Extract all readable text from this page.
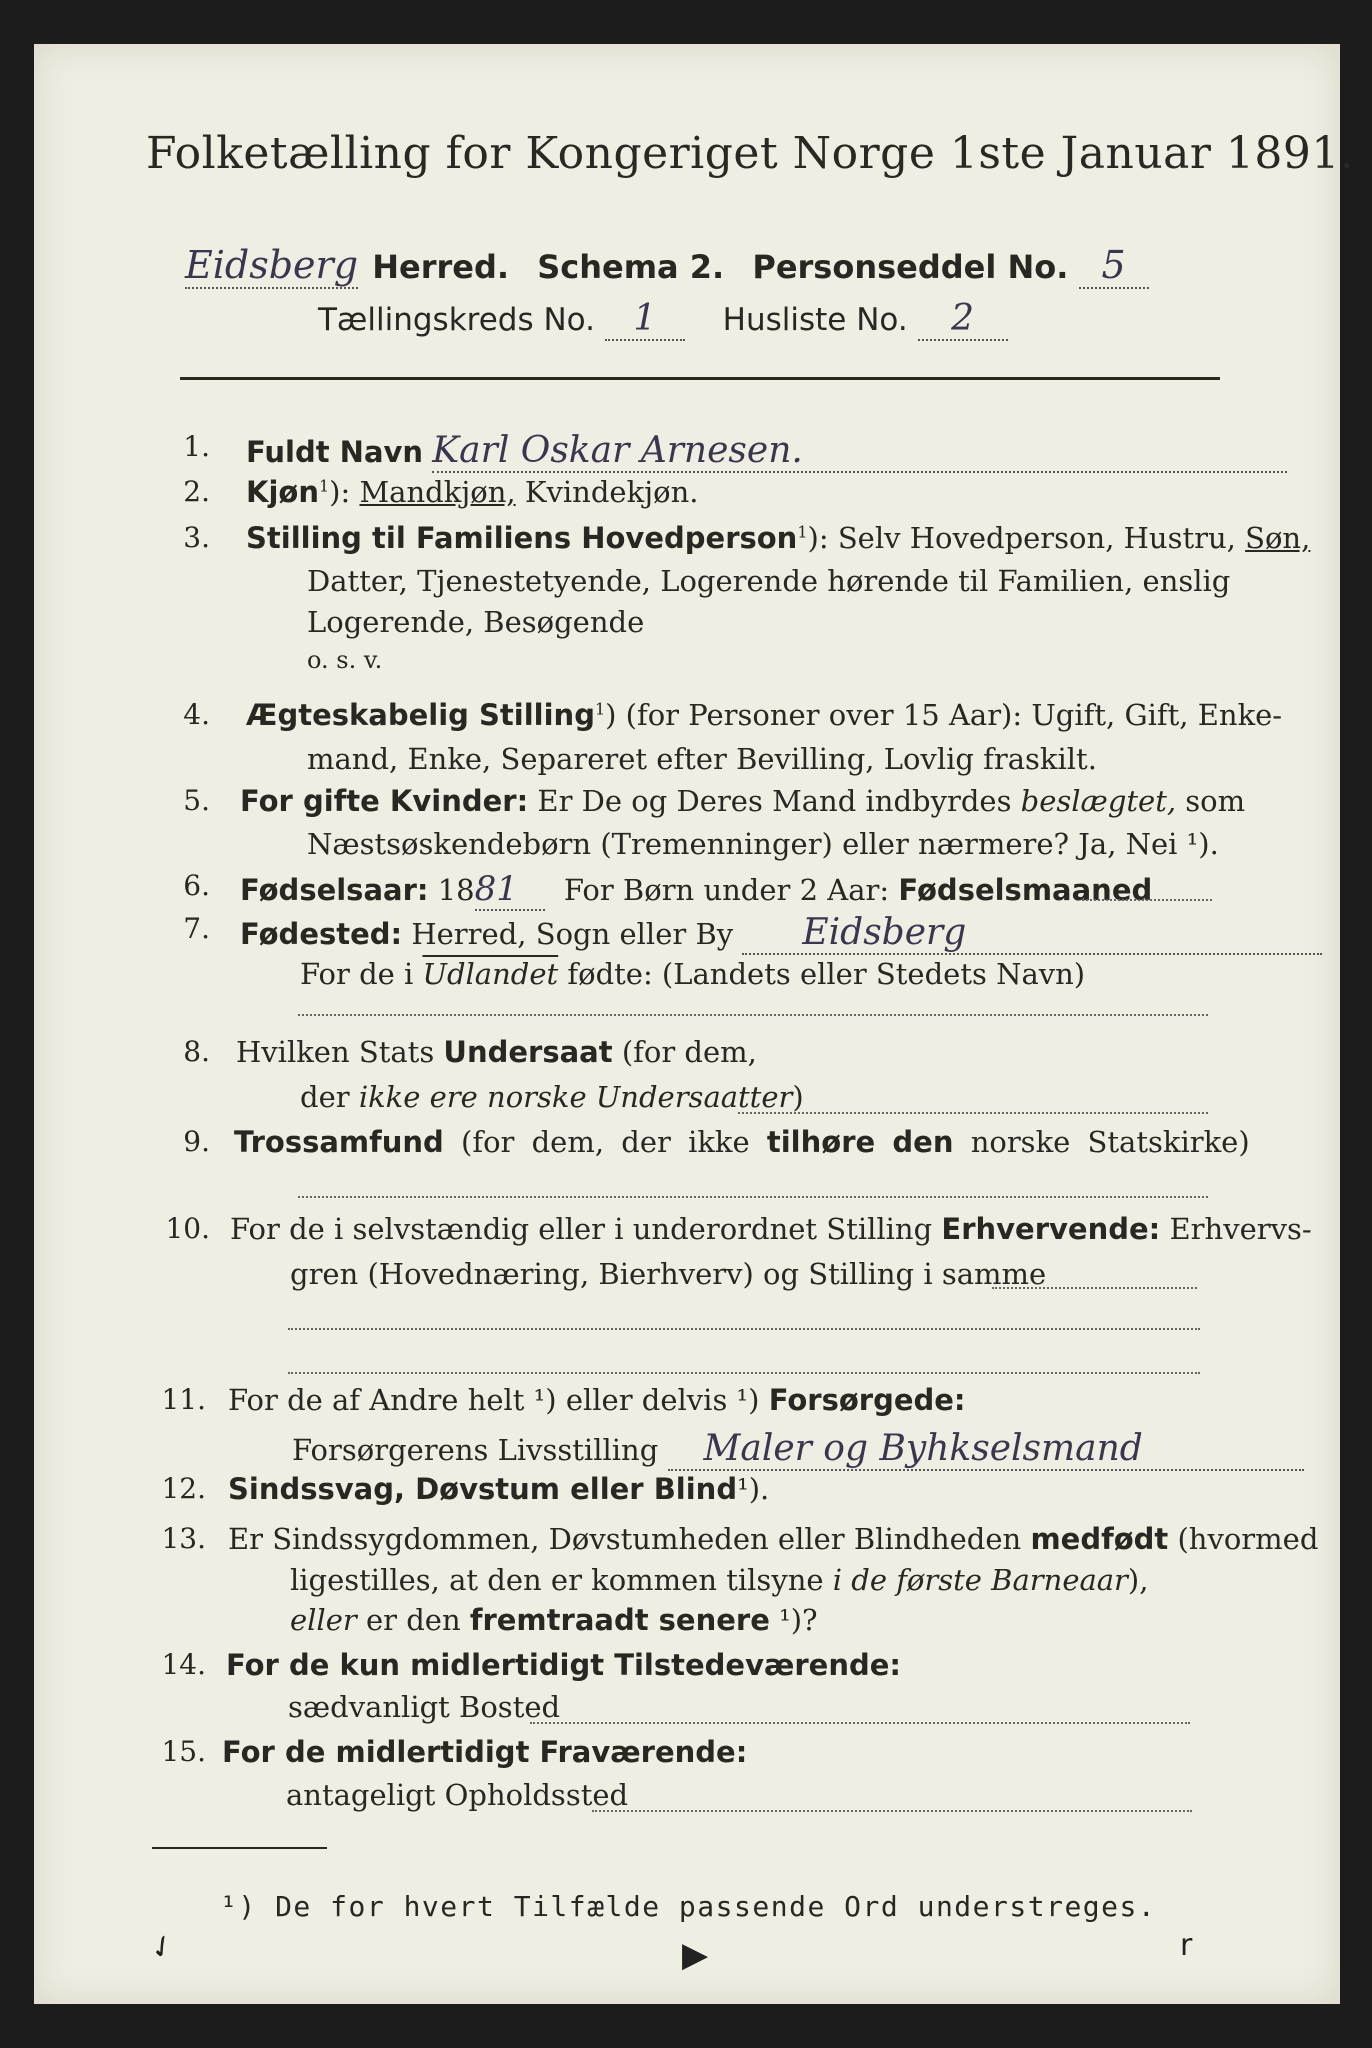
Folketælling for Kongeriget Norge 1ste Januar 1891.
Eidsberg Herred. Schema 2. Personseddel No. 5
Tællingskreds No. 1 Husliste No. 2
1. Fuldt Navn Karl Oskar Arnesen.
2. Kjøn$^1$): Mandkjøn, Kvindekjøn.
3. Stilling til Familiens Hovedperson$^1$): Selv Hovedperson, Hustru, Søn,
Datter, Tjenestetyende, Logerende hørende til Familien, enslig
Logerende, Besøgende
o. s. v.
4. Ægteskabelig Stilling$^1$) (for Personer over 15 Aar): Ugift, Gift, Enke-
mand, Enke, Separeret efter Bevilling, Lovlig fraskilt.
5. For gifte Kvinder: Er De og Deres Mand indbyrdes beslægtet, som
Næstsøskendebørn (Tremenninger) eller nærmere? Ja, Nei ¹).
6. Fødselsaar: 1881 For Børn under 2 Aar: Fødselsmaaned
7. Fødested: Herred, Sogn eller By Eidsberg
For de i Udlandet fødte: (Landets eller Stedets Navn)
8. Hvilken Stats Undersaat (for dem,
der ikke ere norske Undersaatter)
9. Trossamfund (for dem, der ikke tilhøre den norske Statskirke)
10. For de i selvstændig eller i underordnet Stilling Erhvervende: Erhvervs-
gren (Hovednæring, Bierhverv) og Stilling i samme
11. For de af Andre helt ¹) eller delvis ¹) Forsørgede:
Forsørgerens Livsstilling Maler og Byhkselsmand
12. Sindssvag, Døvstum eller Blind¹).
13. Er Sindssygdommen, Døvstumheden eller Blindheden medfødt (hvormed
ligestilles, at den er kommen tilsyne i de første Barneaar),
eller er den fremtraadt senere ¹)?
14. For de kun midlertidigt Tilstedeværende:
sædvanligt Bosted
15. For de midlertidigt Fraværende:
antageligt Opholdssted
¹) De for hvert Tilfælde passende Ord understreges.
✓	▶	r
